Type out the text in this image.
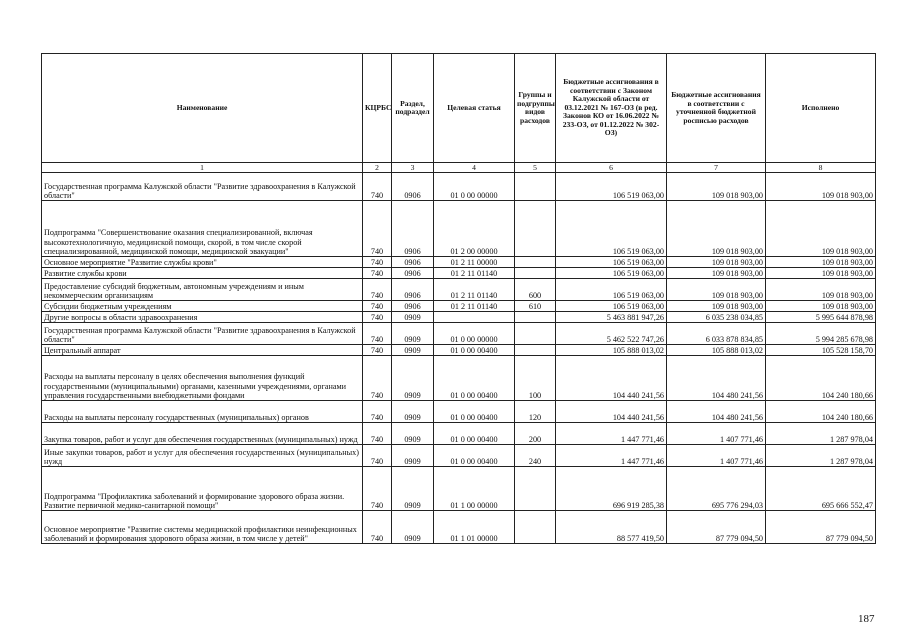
Наименование	КЦРБС	Раздел, подраздел	Целевая статья	Группы и подгруппы видов расходов	Бюджетные ассигнования в соответствии с Законом Калужской области от 03.12.2021 № 167-ОЗ (в ред. Законов КО от 16.06.2022 № 233-ОЗ, от 01.12.2022 № 302-ОЗ)	Бюджетные ассигнования в соответствии с уточненной бюджетной росписью расходов	Исполнено
1	2	3	4	5	6	7	8
Государственная программа Калужской области "Развитие здравоохранения в Калужской области"	740	0906	01 0 00 00000		106 519 063,00	109 018 903,00	109 018 903,00
Подпрограмма "Совершенствование оказания специализированной, включая высокотехнологичную, медицинской помощи, скорой, в том числе скорой специализированной, медицинской помощи, медицинской эвакуации"	740	0906	01 2 00 00000		106 519 063,00	109 018 903,00	109 018 903,00
Основное мероприятие "Развитие службы крови"	740	0906	01 2 11 00000		106 519 063,00	109 018 903,00	109 018 903,00
Развитие службы крови	740	0906	01 2 11 01140		106 519 063,00	109 018 903,00	109 018 903,00
Предоставление субсидий бюджетным, автономным учреждениям и иным некоммерческим организациям	740	0906	01 2 11 01140	600	106 519 063,00	109 018 903,00	109 018 903,00
Субсидии бюджетным учреждениям	740	0906	01 2 11 01140	610	106 519 063,00	109 018 903,00	109 018 903,00
Другие вопросы в области здравоохранения	740	0909			5 463 881 947,26	6 035 238 034,85	5 995 644 878,98
Государственная программа Калужской области "Развитие здравоохранения в Калужской области"	740	0909	01 0 00 00000		5 462 522 747,26	6 033 878 834,85	5 994 285 678,98
Центральный аппарат	740	0909	01 0 00 00400		105 888 013,02	105 888 013,02	105 528 158,70
Расходы на выплаты персоналу в целях обеспечения выполнения функций государственными (муниципальными) органами, казенными учреждениями, органами управления государственными внебюджетными фондами	740	0909	01 0 00 00400	100	104 440 241,56	104 480 241,56	104 240 180,66
Расходы на выплаты персоналу государственных (муниципальных) органов	740	0909	01 0 00 00400	120	104 440 241,56	104 480 241,56	104 240 180,66
Закупка товаров, работ и услуг для обеспечения государственных (муниципальных) нужд	740	0909	01 0 00 00400	200	1 447 771,46	1 407 771,46	1 287 978,04
Иные закупки товаров, работ и услуг для обеспечения государственных (муниципальных) нужд	740	0909	01 0 00 00400	240	1 447 771,46	1 407 771,46	1 287 978,04
Подпрограмма "Профилактика заболеваний и формирование здорового образа жизни. Развитие первичной медико-санитарной помощи"	740	0909	01 1 00 00000		696 919 285,38	695 776 294,03	695 666 552,47
Основное мероприятие "Развитие системы медицинской профилактики неинфекционных заболеваний и формирования здорового образа жизни, в том числе у детей"	740	0909	01 1 01 00000		88 577 419,50	87 779 094,50	87 779 094,50
187
